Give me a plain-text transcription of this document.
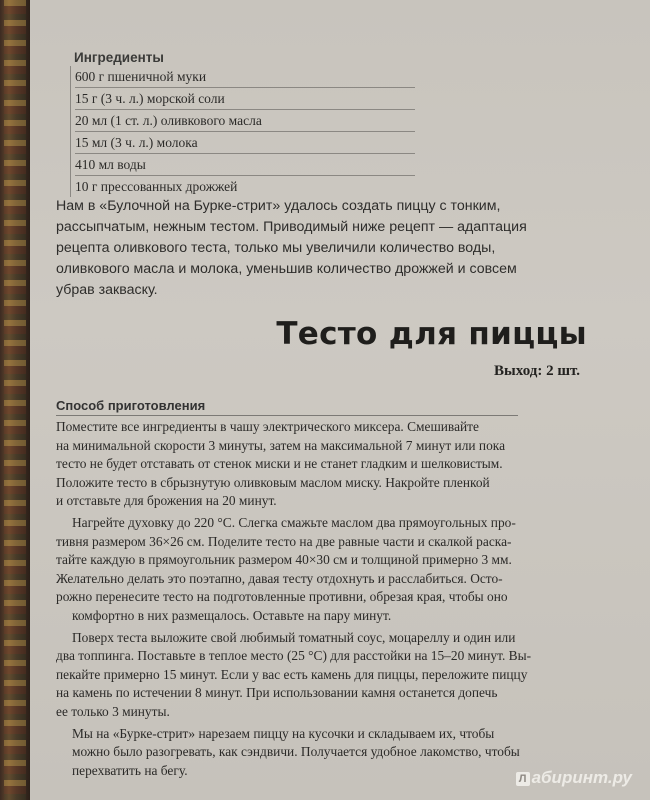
Ингредиенты
600 г пшеничной муки
15 г (3 ч. л.) морской соли
20 мл (1 ст. л.) оливкового масла
15 мл (3 ч. л.) молока
410 мл воды
10 г прессованных дрожжей
Нам в «Булочной на Бурке-стрит» удалось создать пиццу с тонким,
рассыпчатым, нежным тестом. Приводимый ниже рецепт — адаптация
рецепта оливкового теста, только мы увеличили количество воды,
оливкового масла и молока, уменьшив количество дрожжей и совсем
убрав закваску.
Тесто для пиццы
Выход: 2 шт.
Способ приготовления
Поместите все ингредиенты в чашу электрического миксера. Смешивайте
на минимальной скорости 3 минуты, затем на максимальной 7 минут или пока
тесто не будет отставать от стенок миски и не станет гладким и шелковистым.
Положите тесто в сбрызнутую оливковым маслом миску. Накройте пленкой
и отставьте для брожения на 20 минут.
Нагрейте духовку до 220 °C. Слегка смажьте маслом два прямоугольных про-
тивня размером 36×26 см. Поделите тесто на две равные части и скалкой раска-
тайте каждую в прямоугольник размером 40×30 см и толщиной примерно 3 мм.
Желательно делать это поэтапно, давая тесту отдохнуть и расслабиться. Осто-
рожно перенесите тесто на подготовленные противни, обрезая края, чтобы оно
комфортно в них размещалось. Оставьте на пару минут.
Поверх теста выложите свой любимый томатный соус, моцареллу и один или
два топпинга. Поставьте в теплое место (25 °C) для расстойки на 15–20 минут. Вы-
пекайте примерно 15 минут. Если у вас есть камень для пиццы, переложите пиццу
на камень по истечении 8 минут. При использовании камня останется допечь
ее только 3 минуты.
Мы на «Бурке-стрит» нарезаем пиццу на кусочки и складываем их, чтобы
можно было разогревать, как сэндвичи. Получается удобное лакомство, чтобы
перехватить на бегу.
Л абиринт.ру
